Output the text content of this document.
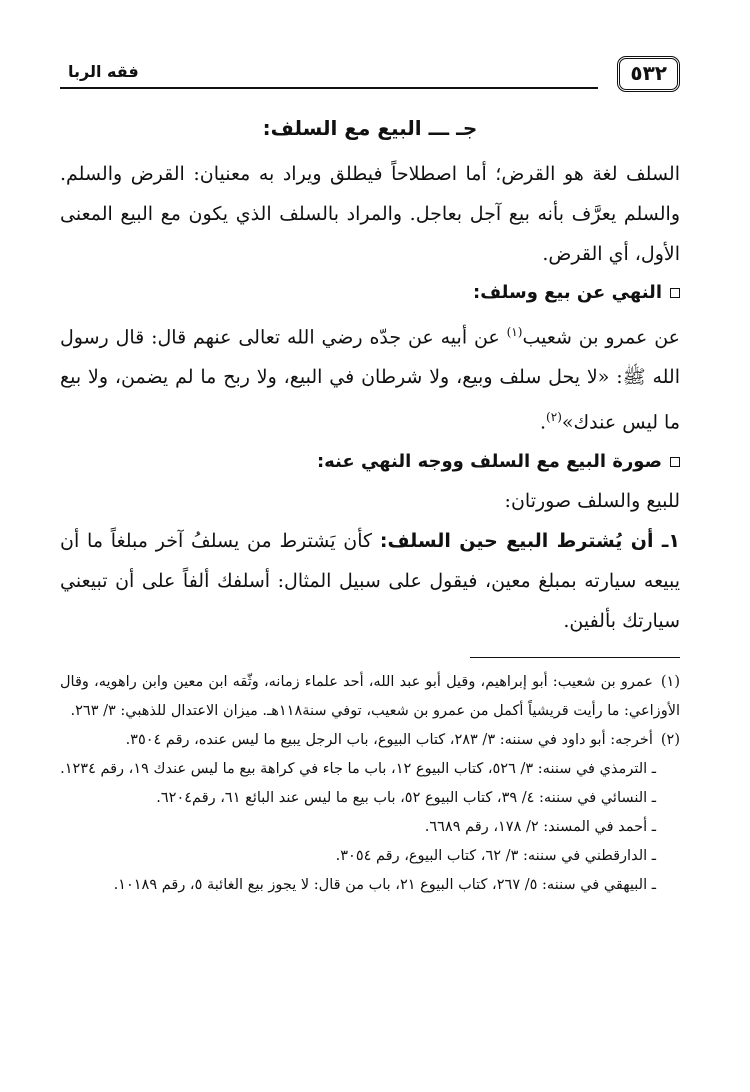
٥٣٢
فقه الربا
جـ ـــ البيع مع السلف:

السلف لغة هو القرض؛ أما اصطلاحاً فيطلق ويراد به معنيان: القرض والسلم. والسلم يعرَّف بأنه بيع آجل بعاجل. والمراد بالسلف الذي يكون مع البيع المعنى الأول، أي القرض.

النهي عن بيع وسلف:

عن عمرو بن شعيب$^{(١)}$ عن أبيه عن جدّه رضي الله تعالى عنهم قال: قال رسول الله ﷺ: «لا يحل سلف وبيع، ولا شرطان في البيع، ولا ربح ما لم يضمن، ولا بيع ما ليس عندك»$^{(٢)}$.

صورة البيع مع السلف ووجه النهي عنه:

للبيع والسلف صورتان:

١ـ أن يُشترط البيع حين السلف: كأن يَشترط من يسلفُ آخر مبلغاً ما أن يبيعه سيارته بمبلغ معين، فيقول على سبيل المثال: أسلفك ألفاً على أن تبيعني سيارتك بألفين.

(١)عمرو بن شعيب: أبو إبراهيم، وقيل أبو عبد الله، أحد علماء زمانه، وثّقه ابن معين وابن راهويه، وقال الأوزاعي: ما رأيت قريشياً أكمل من عمرو بن شعيب، توفي سنة١١٨هـ. ميزان الاعتدال للذهبي: ٣/ ٢٦٣.

(٢)أخرجه: أبو داود في سننه: ٣/ ٢٨٣، كتاب البيوع، باب الرجل يبيع ما ليس عنده، رقم ٣٥٠٤.

ـ الترمذي في سننه: ٣/ ٥٢٦، كتاب البيوع ١٢، باب ما جاء في كراهة بيع ما ليس عندك ١٩، رقم ١٢٣٤.

ـ النسائي في سننه: ٤/ ٣٩، كتاب البيوع ٥٢، باب بيع ما ليس عند البائع ٦١، رقم٦٢٠٤.

ـ أحمد في المسند: ٢/ ١٧٨، رقم ٦٦٨٩.

ـ الدارقطني في سننه: ٣/ ٦٢، كتاب البيوع، رقم ٣٠٥٤.

ـ البيهقي في سننه: ٥/ ٢٦٧، كتاب البيوع ٢١، باب من قال: لا يجوز بيع الغائبة ٥، رقم ١٠١٨٩.
